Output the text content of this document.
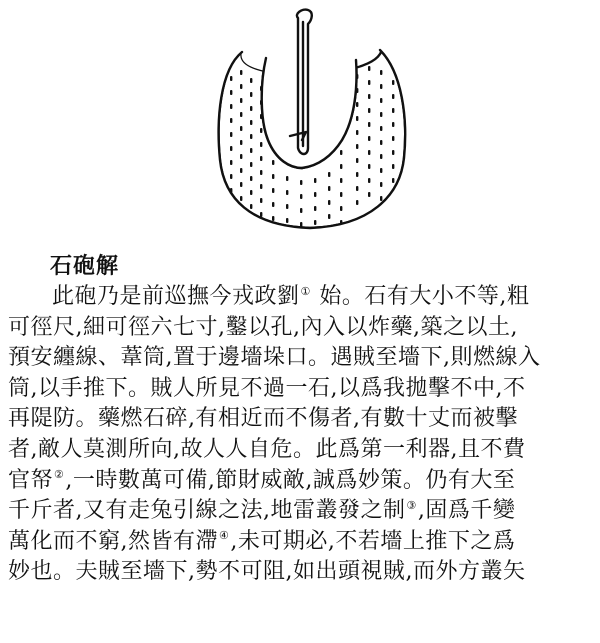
石砲解
此砲乃是前巡撫今戎政劉① 始。石有大小不等,粗
可徑尺,細可徑六七寸,鑿以孔,內入以炸藥,築之以土,
預安纏線、葦筒,置于邊墻垛口。遇賊至墻下,則燃線入
筒,以手推下。賊人所見不過一石,以爲我拋擊不中,不
再隄防。藥燃石碎,有相近而不傷者,有數十丈而被擊
者,敵人莫測所向,故人人自危。此爲第一利器,且不費
官帑②,一時數萬可備,節財威敵,誠爲妙策。仍有大至
千斤者,又有走兔引線之法,地雷叢發之制③,固爲千變
萬化而不窮,然皆有滯④,未可期必,不若墻上推下之爲
妙也。夫賊至墻下,勢不可阻,如出頭視賊,而外方叢矢
